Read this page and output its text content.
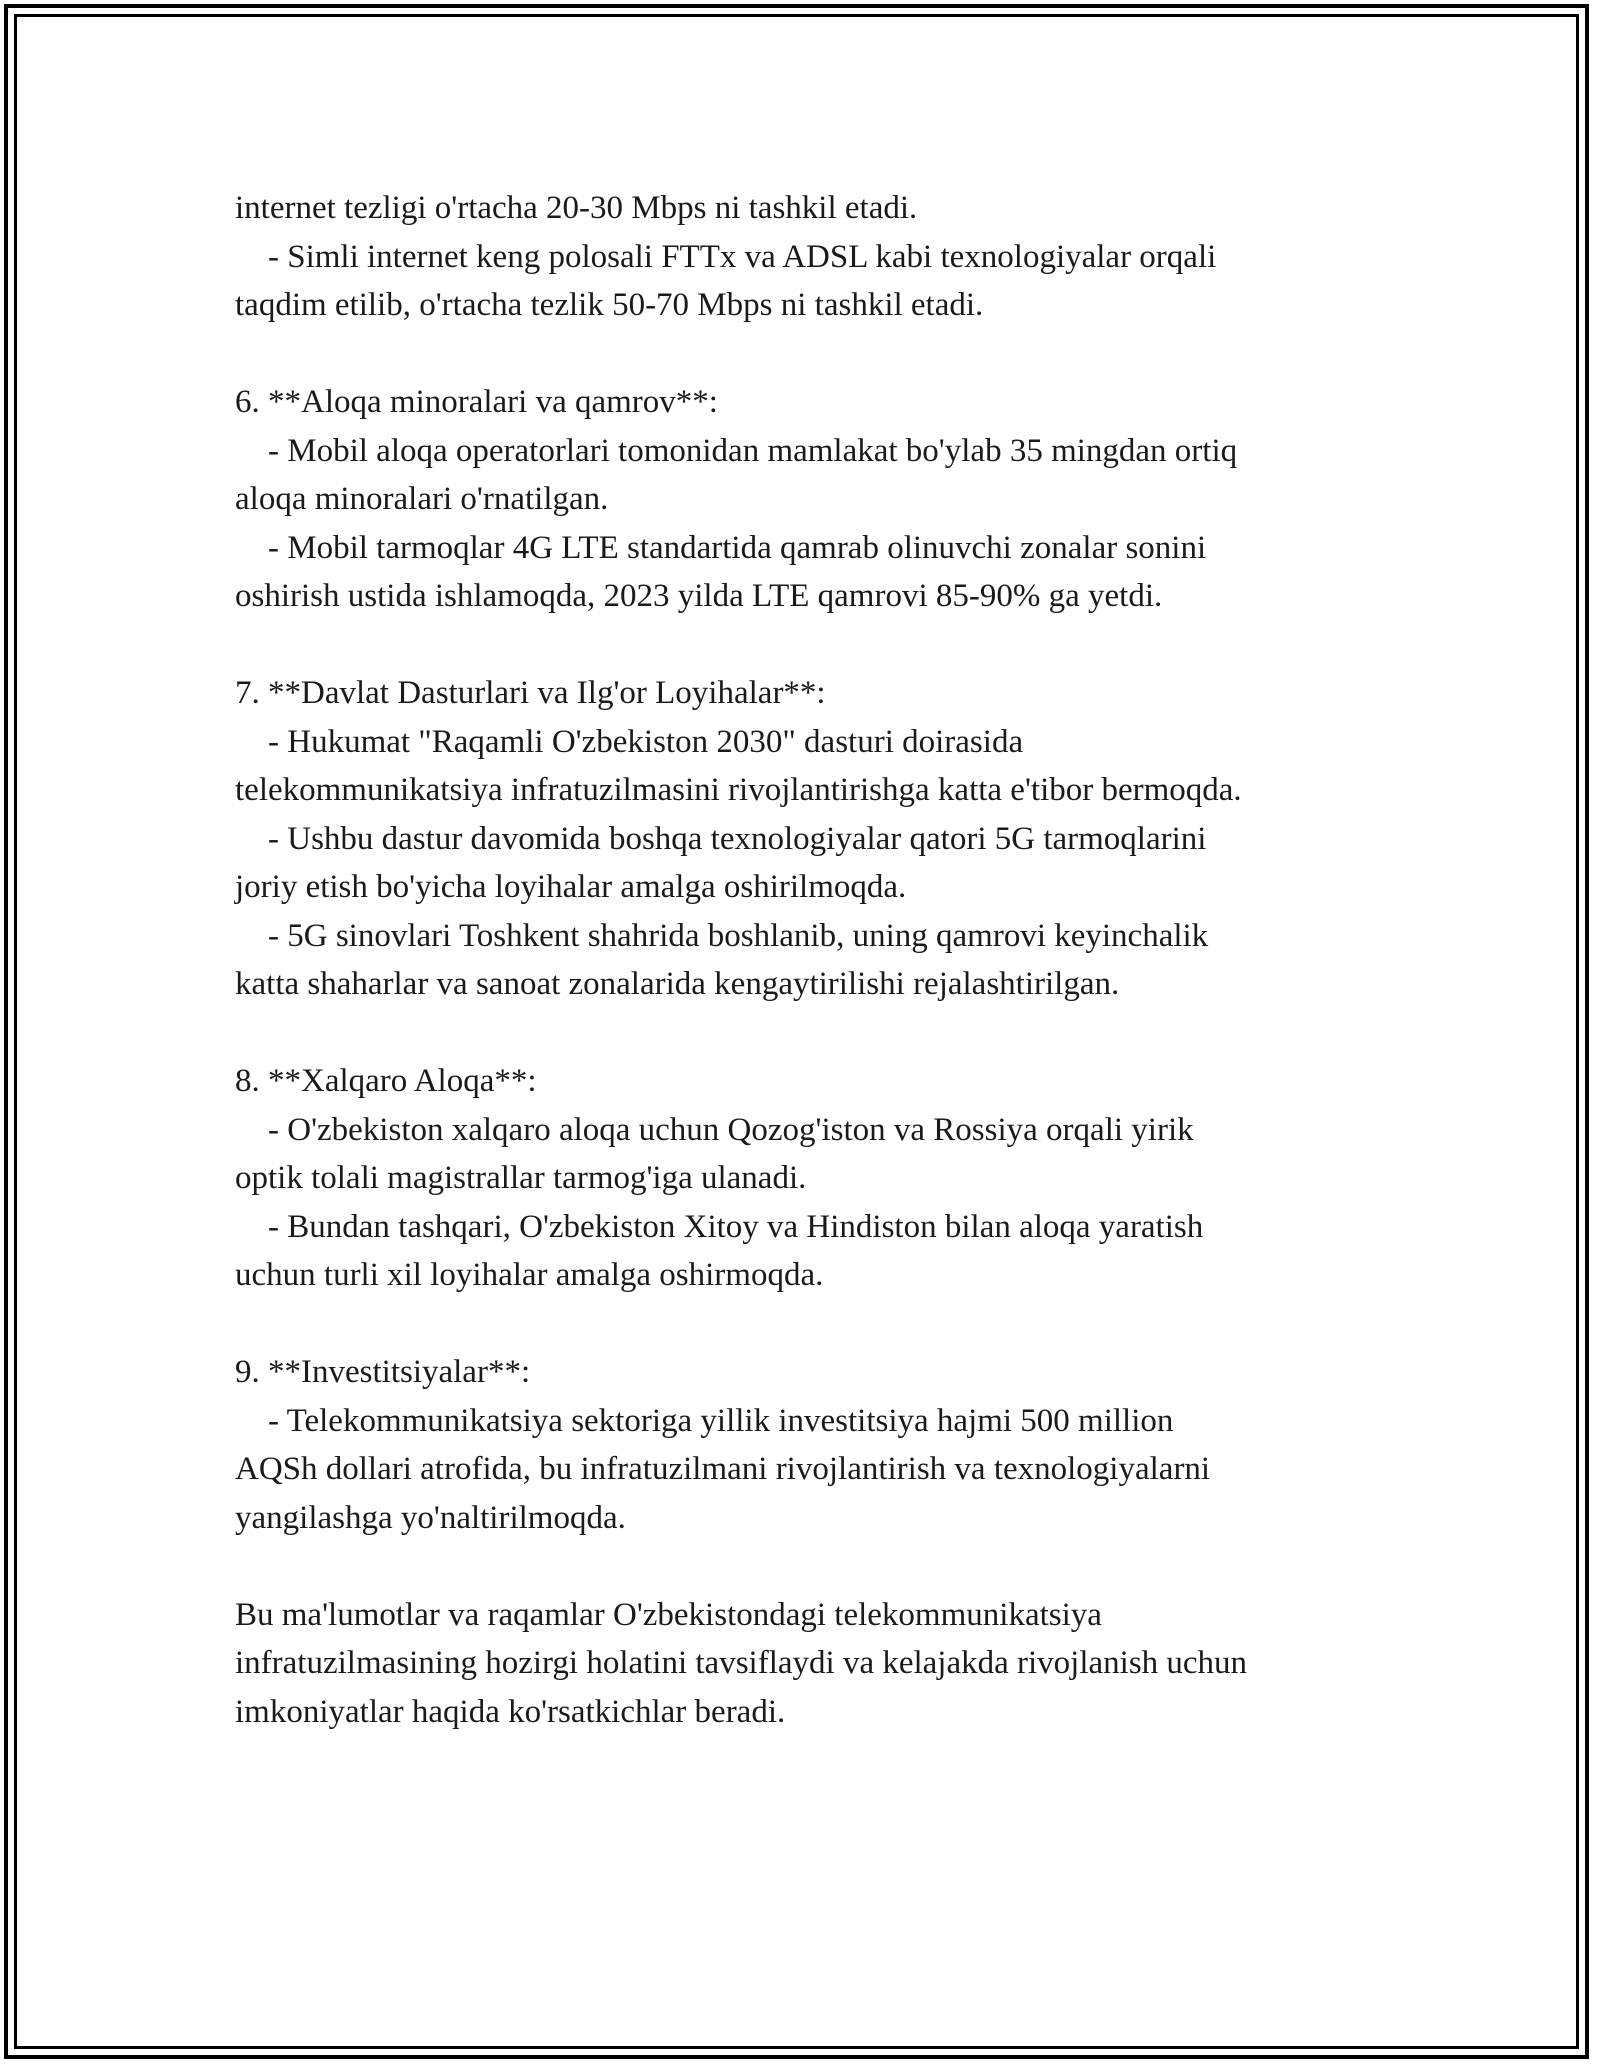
internet tezligi o'rtacha 20-30 Mbps ni tashkil etadi.
- Simli internet keng polosali FTTx va ADSL kabi texnologiyalar orqali
taqdim etilib, o'rtacha tezlik 50-70 Mbps ni tashkil etadi.
6. **Aloqa minoralari va qamrov**:
- Mobil aloqa operatorlari tomonidan mamlakat bo'ylab 35 mingdan ortiq
aloqa minoralari o'rnatilgan.
- Mobil tarmoqlar 4G LTE standartida qamrab olinuvchi zonalar sonini
oshirish ustida ishlamoqda, 2023 yilda LTE qamrovi 85-90% ga yetdi.
7. **Davlat Dasturlari va Ilg'or Loyihalar**:
- Hukumat "Raqamli O'zbekiston 2030" dasturi doirasida
telekommunikatsiya infratuzilmasini rivojlantirishga katta e'tibor bermoqda.
- Ushbu dastur davomida boshqa texnologiyalar qatori 5G tarmoqlarini
joriy etish bo'yicha loyihalar amalga oshirilmoqda.
- 5G sinovlari Toshkent shahrida boshlanib, uning qamrovi keyinchalik
katta shaharlar va sanoat zonalarida kengaytirilishi rejalashtirilgan.
8. **Xalqaro Aloqa**:
- O'zbekiston xalqaro aloqa uchun Qozog'iston va Rossiya orqali yirik
optik tolali magistrallar tarmog'iga ulanadi.
- Bundan tashqari, O'zbekiston Xitoy va Hindiston bilan aloqa yaratish
uchun turli xil loyihalar amalga oshirmoqda.
9. **Investitsiyalar**:
- Telekommunikatsiya sektoriga yillik investitsiya hajmi 500 million
AQSh dollari atrofida, bu infratuzilmani rivojlantirish va texnologiyalarni
yangilashga yo'naltirilmoqda.
Bu ma'lumotlar va raqamlar O'zbekistondagi telekommunikatsiya
infratuzilmasining hozirgi holatini tavsiflaydi va kelajakda rivojlanish uchun
imkoniyatlar haqida ko'rsatkichlar beradi.
